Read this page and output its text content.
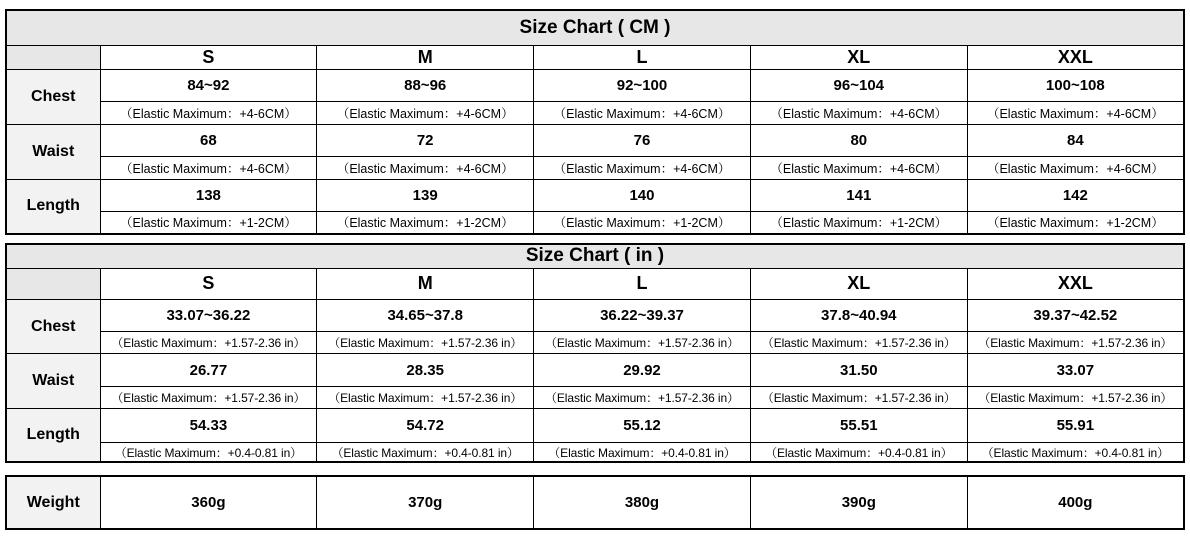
Size Chart ( CM )					
	S	M	L	XL	XXL
Chest	84~92	88~96	92~100	96~104	100~108
	（Elastic Maximum：+4-6CM）	（Elastic Maximum：+4-6CM）	（Elastic Maximum：+4-6CM）	（Elastic Maximum：+4-6CM）	（Elastic Maximum：+4-6CM）
Waist	68	72	76	80	84
	（Elastic Maximum：+4-6CM）	（Elastic Maximum：+4-6CM）	（Elastic Maximum：+4-6CM）	（Elastic Maximum：+4-6CM）	（Elastic Maximum：+4-6CM）
Length	138	139	140	141	142
	（Elastic Maximum：+1-2CM）	（Elastic Maximum：+1-2CM）	（Elastic Maximum：+1-2CM）	（Elastic Maximum：+1-2CM）	（Elastic Maximum：+1-2CM）
Size Chart ( in )					
	S	M	L	XL	XXL
Chest	33.07~36.22	34.65~37.8	36.22~39.37	37.8~40.94	39.37~42.52
	（Elastic Maximum：+1.57-2.36 in）	（Elastic Maximum：+1.57-2.36 in）	（Elastic Maximum：+1.57-2.36 in）	（Elastic Maximum：+1.57-2.36 in）	（Elastic Maximum：+1.57-2.36 in）
Waist	26.77	28.35	29.92	31.50	33.07
	（Elastic Maximum：+1.57-2.36 in）	（Elastic Maximum：+1.57-2.36 in）	（Elastic Maximum：+1.57-2.36 in）	（Elastic Maximum：+1.57-2.36 in）	（Elastic Maximum：+1.57-2.36 in）
Length	54.33	54.72	55.12	55.51	55.91
	（Elastic Maximum：+0.4-0.81 in）	（Elastic Maximum：+0.4-0.81 in）	（Elastic Maximum：+0.4-0.81 in）	（Elastic Maximum：+0.4-0.81 in）	（Elastic Maximum：+0.4-0.81 in）
Weight	360g	370g	380g	390g	400g
